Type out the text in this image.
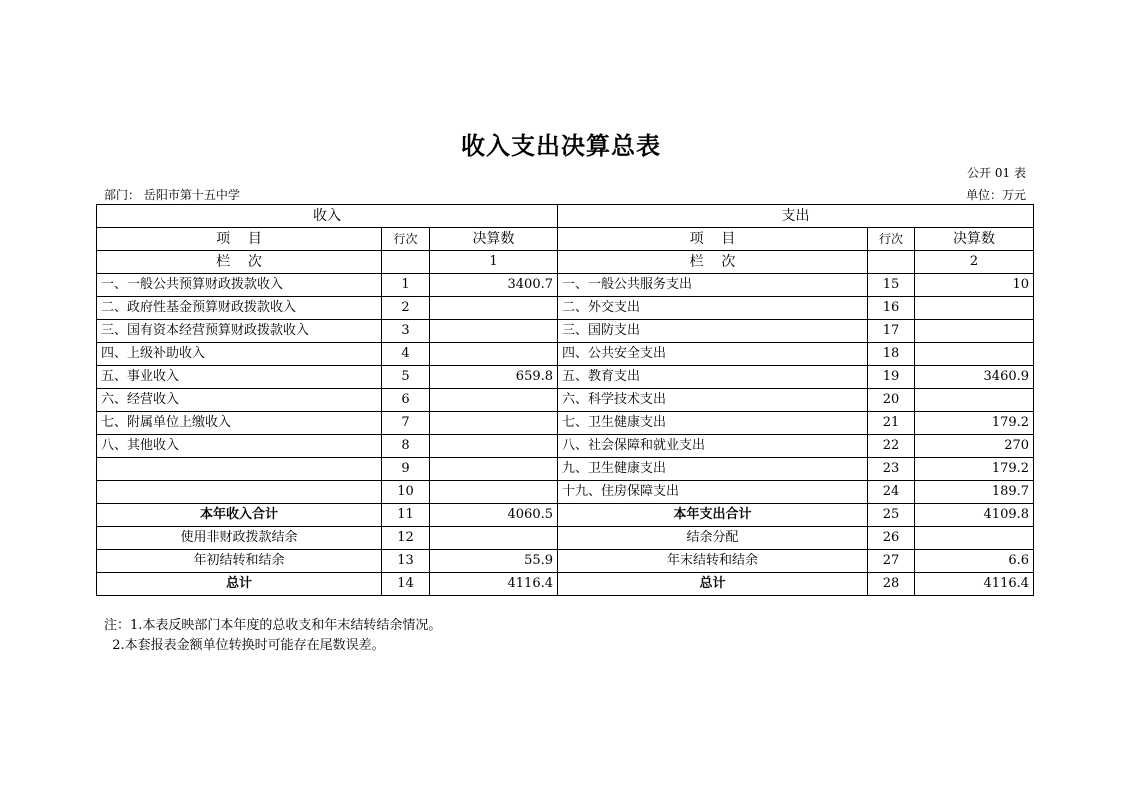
收入支出决算总表
公开 01 表
部门： 岳阳市第十五中学	单位：万元
收入			支出		
项    目	行次	决算数	项    目	行次	决算数
栏    次		1	栏    次		2
一、一般公共预算财政拨款收入	1	3400.7	一、一般公共服务支出	15	10
二、政府性基金预算财政拨款收入	2		二、外交支出	16	
三、国有资本经营预算财政拨款收入	3		三、国防支出	17	
四、上级补助收入	4		四、公共安全支出	18	
五、事业收入	5	659.8	五、教育支出	19	3460.9
六、经营收入	6		六、科学技术支出	20	
七、附属单位上缴收入	7		七、卫生健康支出	21	179.2
八、其他收入	8		八、社会保障和就业支出	22	270
	9		九、卫生健康支出	23	179.2
	10		十九、住房保障支出	24	189.7
本年收入合计	11	4060.5	本年支出合计	25	4109.8
使用非财政拨款结余	12		结余分配	26	
年初结转和结余	13	55.9	年末结转和结余	27	6.6
总计	14	4116.4	总计	28	4116.4
注：1.本表反映部门本年度的总收支和年末结转结余情况。
2.本套报表金额单位转换时可能存在尾数误差。
